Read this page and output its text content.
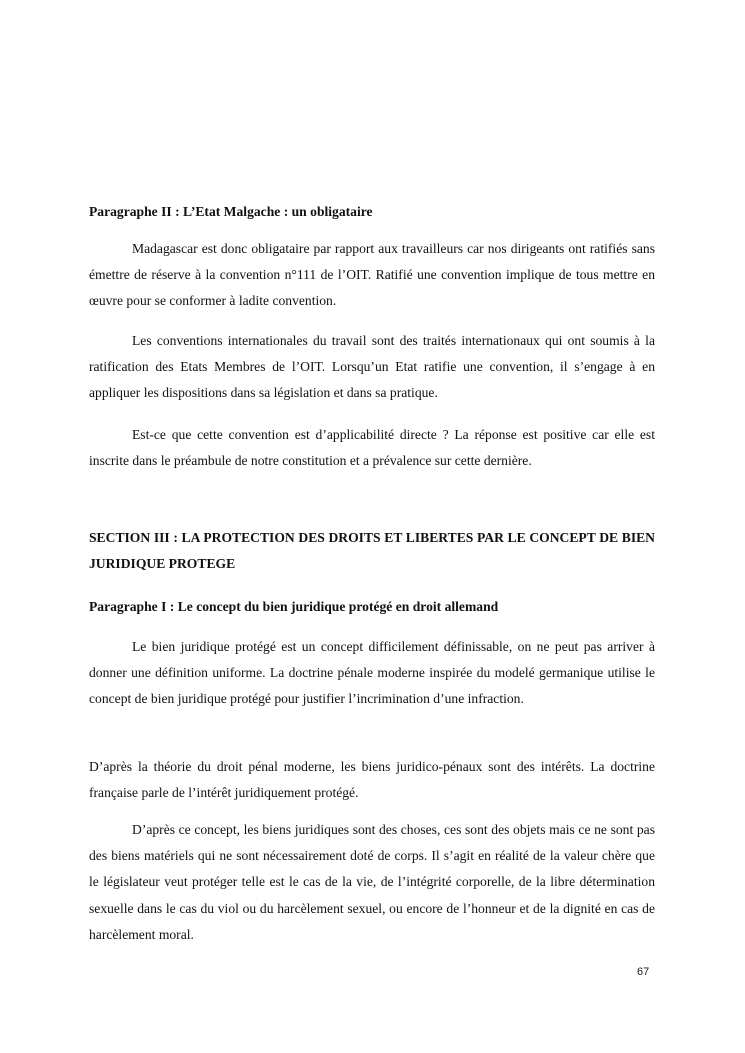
Paragraphe II : L’Etat Malgache : un obligataire

Madagascar est donc obligataire par rapport aux travailleurs car nos dirigeants ont ratifiés sans émettre de réserve à la convention n°111 de l’OIT. Ratifié une convention implique de tous mettre en œuvre pour se conformer à ladite convention.

Les conventions internationales du travail sont des traités internationaux qui ont soumis à la ratification des Etats Membres de l’OIT. Lorsqu’un Etat ratifie une convention, il s’engage à en appliquer les dispositions dans sa législation et dans sa pratique.

Est-ce que cette convention est d’applicabilité directe ? La réponse est positive car elle est inscrite dans le préambule de notre constitution et a prévalence sur cette dernière.

SECTION III : LA PROTECTION DES DROITS ET LIBERTES PAR LE CONCEPT DE BIEN JURIDIQUE PROTEGE

Paragraphe I : Le concept du bien juridique protégé en droit allemand

Le bien juridique protégé est un concept difficilement définissable, on ne peut pas arriver à donner une définition uniforme. La doctrine pénale moderne inspirée du modelé germanique utilise le concept de bien juridique protégé pour justifier l’incrimination d’une infraction.

D’après la théorie du droit pénal moderne, les biens juridico-pénaux sont des intérêts. La doctrine française parle de l’intérêt juridiquement protégé.

D’après ce concept, les biens juridiques sont des choses, ces sont des objets mais ce ne sont pas des biens matériels qui ne sont nécessairement doté de corps. Il s’agit en réalité de la valeur chère que le législateur veut protéger telle est le cas de la vie, de l’intégrité corporelle, de la libre détermination sexuelle dans le cas du viol ou du harcèlement sexuel, ou encore de l’honneur et de la dignité en cas de harcèlement moral.

67
